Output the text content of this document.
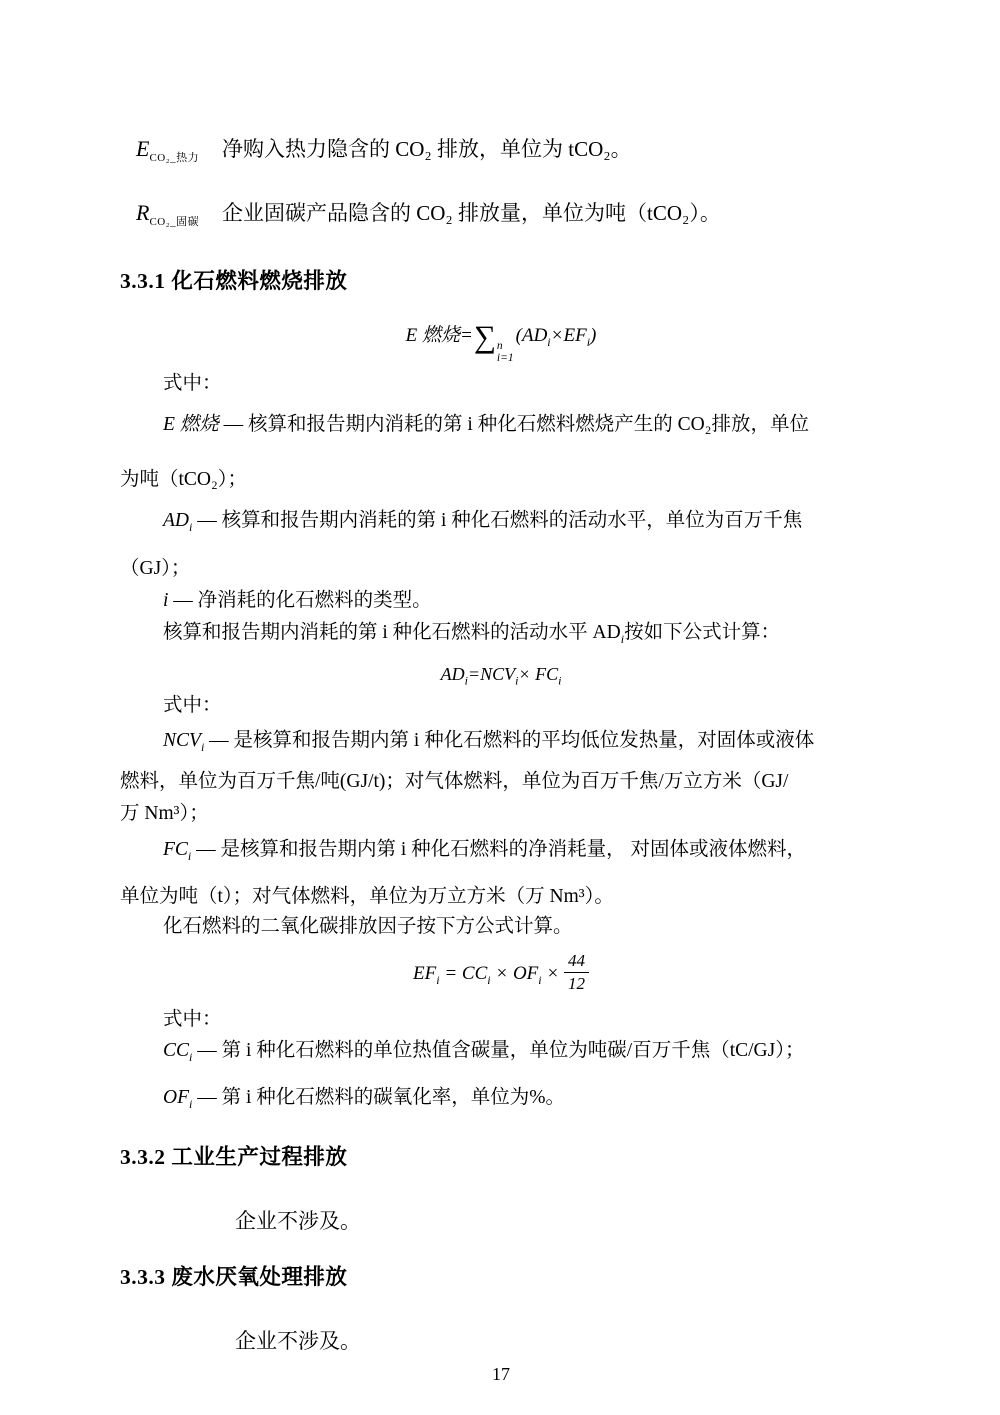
$E_{CO_2\_热力}$	净购入热力隐含的 CO₂ 排放，单位为 tCO₂。
$R_{CO_2\_固碳}$	企业固碳产品隐含的 CO₂ 排放量，单位为吨（tCO₂）。
3.3.1 化石燃料燃烧排放
E 燃烧=∑ n
i=1
$(AD_i\times EF_i)$
式中：
E 燃烧 — 核算和报告期内消耗的第 i 种化石燃料燃烧产生的 CO₂排放，单位
为吨（tCO₂）；
$AD_i$ — 核算和报告期内消耗的第 i 种化石燃料的活动水平，单位为百万千焦
（GJ）；
i — 净消耗的化石燃料的类型。
核算和报告期内消耗的第 i 种化石燃料的活动水平 $AD_i$按如下公式计算：
$AD_i=NCV_i\times FC_i$
式中：
$NCV_i$ — 是核算和报告期内第 i 种化石燃料的平均低位发热量，对固体或液体
燃料，单位为百万千焦/吨(GJ/t)；对气体燃料，单位为百万千焦/万立方米（GJ/
万 Nm³）；
$FC_i$ — 是核算和报告期内第 i 种化石燃料的净消耗量， 对固体或液体燃料，
单位为吨（t）；对气体燃料，单位为万立方米（万 Nm³）。
化石燃料的二氧化碳排放因子按下方公式计算。
$EF_i = CC_i \times OF_i \times \frac{44}{12}$
式中：
$CC_i$ — 第 i 种化石燃料的单位热值含碳量，单位为吨碳/百万千焦（tC/GJ）；
$OF_i$ — 第 i 种化石燃料的碳氧化率，单位为%。
3.3.2 工业生产过程排放
企业不涉及。
3.3.3 废水厌氧处理排放
企业不涉及。
17
